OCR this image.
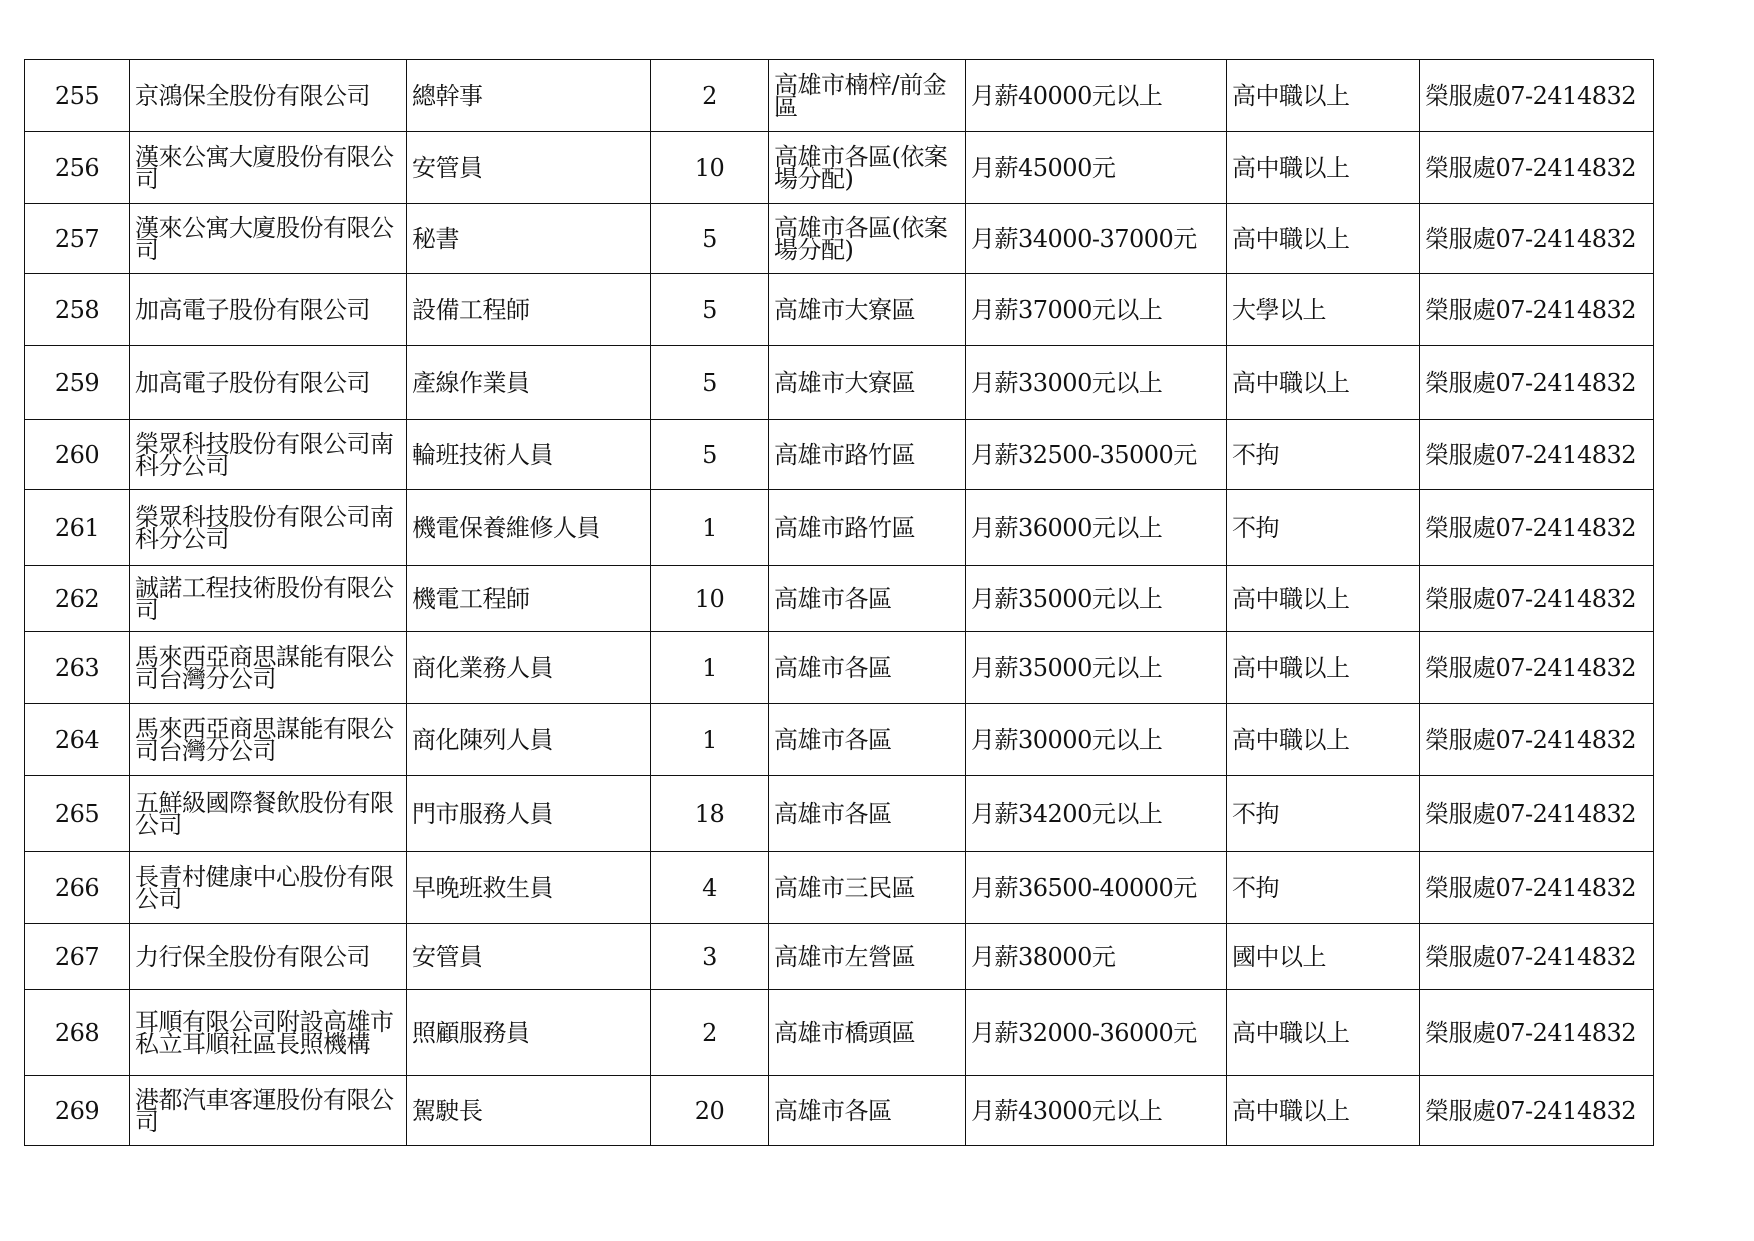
255	京鴻保全股份有限公司	總幹事	2	高雄市楠梓/前金區	月薪40000元以上	高中職以上	榮服處07-2414832
256	漢來公寓大廈股份有限公司	安管員	10	高雄市各區(依案場分配)	月薪45000元	高中職以上	榮服處07-2414832
257	漢來公寓大廈股份有限公司	秘書	5	高雄市各區(依案場分配)	月薪34000-37000元	高中職以上	榮服處07-2414832
258	加高電子股份有限公司	設備工程師	5	高雄市大寮區	月薪37000元以上	大學以上	榮服處07-2414832
259	加高電子股份有限公司	產線作業員	5	高雄市大寮區	月薪33000元以上	高中職以上	榮服處07-2414832
260	榮眾科技股份有限公司南科分公司	輪班技術人員	5	高雄市路竹區	月薪32500-35000元	不拘	榮服處07-2414832
261	榮眾科技股份有限公司南科分公司	機電保養維修人員	1	高雄市路竹區	月薪36000元以上	不拘	榮服處07-2414832
262	誠諾工程技術股份有限公司	機電工程師	10	高雄市各區	月薪35000元以上	高中職以上	榮服處07-2414832
263	馬來西亞商思謀能有限公司台灣分公司	商化業務人員	1	高雄市各區	月薪35000元以上	高中職以上	榮服處07-2414832
264	馬來西亞商思謀能有限公司台灣分公司	商化陳列人員	1	高雄市各區	月薪30000元以上	高中職以上	榮服處07-2414832
265	五鮮級國際餐飲股份有限公司	門市服務人員	18	高雄市各區	月薪34200元以上	不拘	榮服處07-2414832
266	長青村健康中心股份有限公司	早晚班救生員	4	高雄市三民區	月薪36500-40000元	不拘	榮服處07-2414832
267	力行保全股份有限公司	安管員	3	高雄市左營區	月薪38000元	國中以上	榮服處07-2414832
268	耳順有限公司附設高雄市私立耳順社區長照機構	照顧服務員	2	高雄市橋頭區	月薪32000-36000元	高中職以上	榮服處07-2414832
269	港都汽車客運股份有限公司	駕駛長	20	高雄市各區	月薪43000元以上	高中職以上	榮服處07-2414832
